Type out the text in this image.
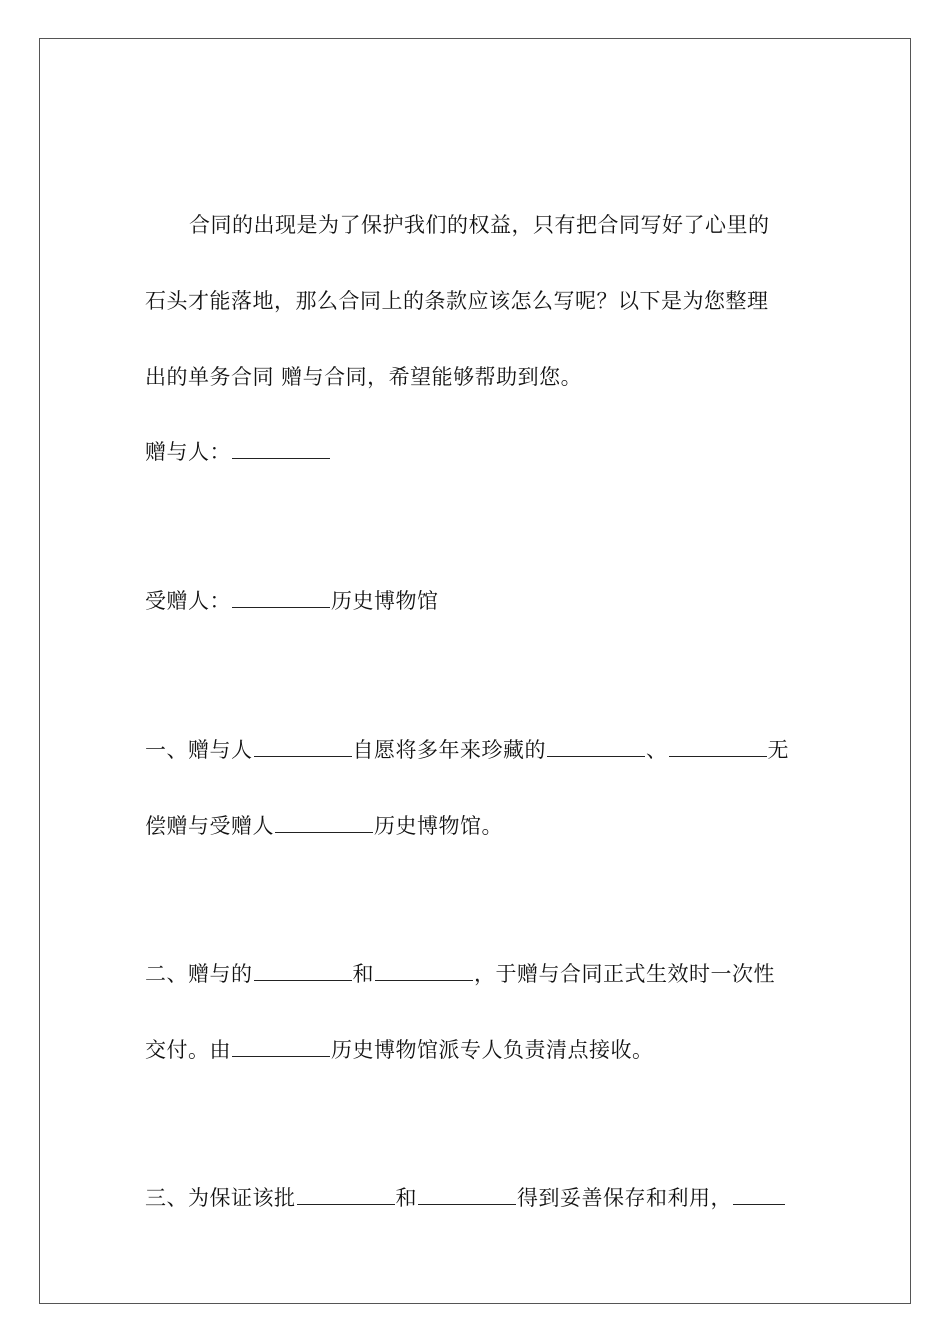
合同的出现是为了保护我们的权益，只有把合同写好了心里的
石头才能落地，那么合同上的条款应该怎么写呢？以下是为您整理
出的单务合同 赠与合同，希望能够帮助到您。
赠与人：
受赠人：	历史博物馆
一、赠与人	自愿将多年来珍藏的	、	无
偿赠与受赠人	历史博物馆。
二、赠与的	和	，于赠与合同正式生效时一次性
交付。由	历史博物馆派专人负责清点接收。
三、为保证该批	和	得到妥善保存和利用，
